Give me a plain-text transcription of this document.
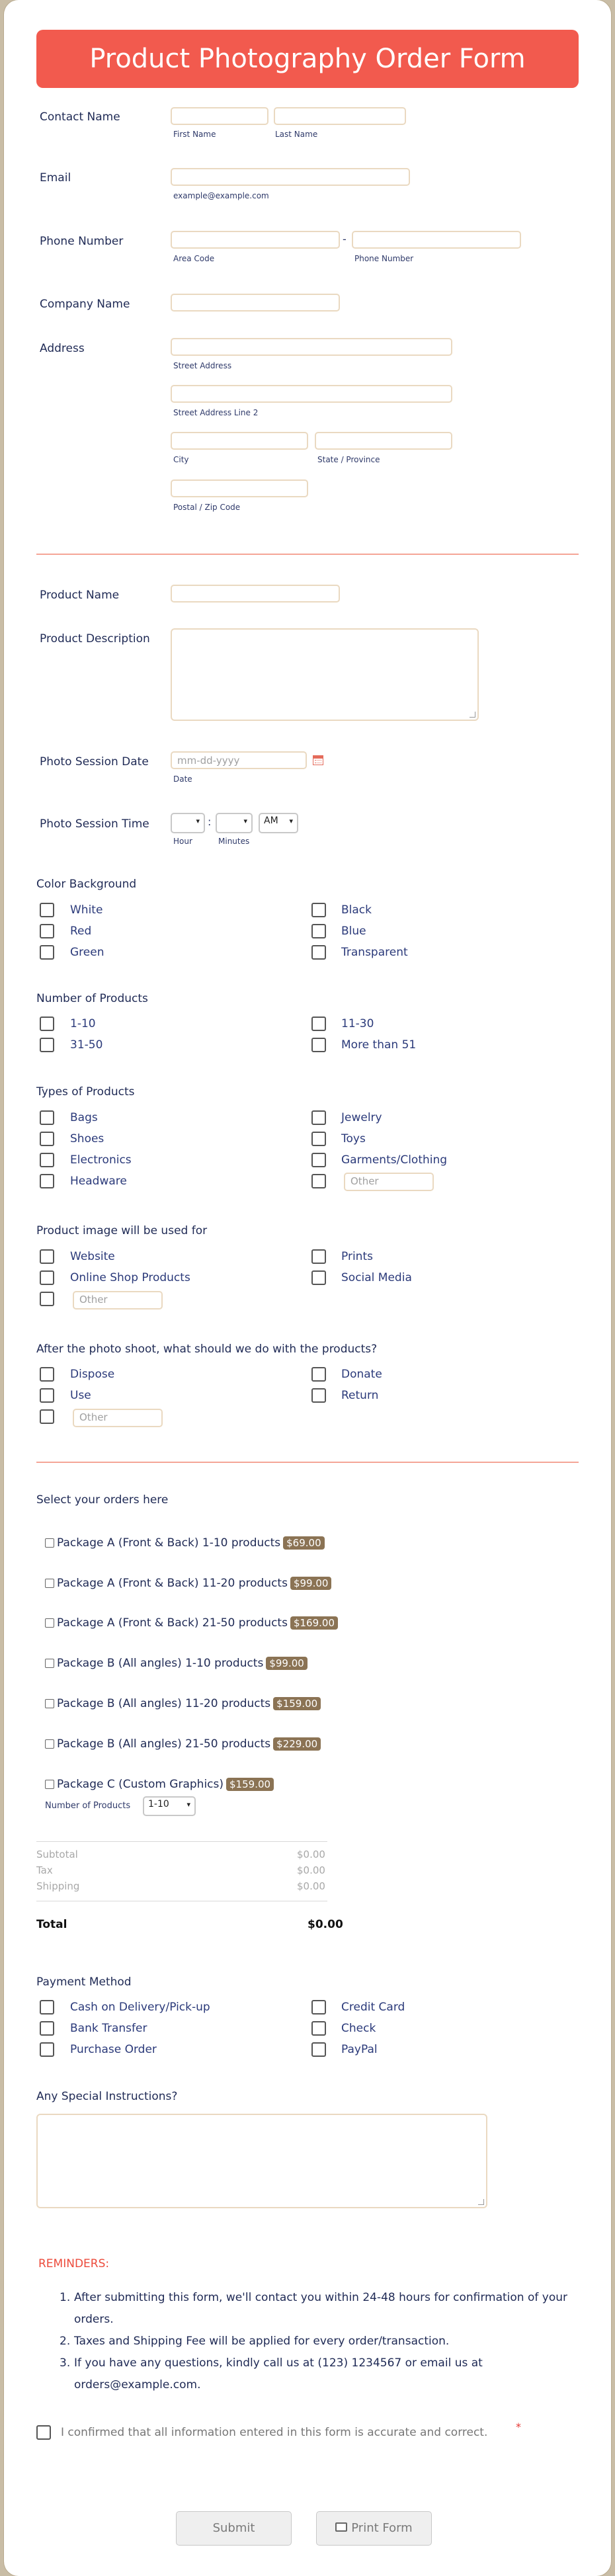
Product Photography Order Form
Contact Name
First Name	Last Name
Email
example@example.com
Phone Number	-
Area Code	Phone Number
Company Name
Address
Street Address
Street Address Line 2
City	State / Province
Postal / Zip Code
Product Name
Product Description
Photo Session Date	mm-dd-yyyy
Date
Photo Session Time	▾ :	▾	AM ▾
Hour	Minutes
Color Background
White
Red
Green
Black
Blue
Transparent
Number of Products
1-10
31-50
11-30
More than 51
Types of Products
Bags
Shoes
Electronics
Headware
Jewelry
Toys
Garments/Clothing
Other
Product image will be used for
Website
Online Shop Products
Other
Prints
Social Media
After the photo shoot, what should we do with the products?
Dispose
Use
Other
Donate
Return
Select your orders here
Package A (Front & Back) 1-10 products $69.00
Package A (Front & Back) 11-20 products $99.00
Package A (Front & Back) 21-50 products $169.00
Package B (All angles) 1-10 products $99.00
Package B (All angles) 11-20 products $159.00
Package B (All angles) 21-50 products $229.00
Package C (Custom Graphics) $159.00
Number of Products	1-10 ▾
Subtotal	$0.00
Tax	$0.00
Shipping	$0.00
Total	$0.00
Payment Method
Cash on Delivery/Pick-up
Bank Transfer
Purchase Order
Credit Card
Check
PayPal
Any Special Instructions?
REMINDERS:
1. After submitting this form, we'll contact you within 24-48 hours for confirmation of your
orders.
2. Taxes and Shipping Fee will be applied for every order/transaction.
3. If you have any questions, kindly call us at (123) 1234567 or email us at
orders@example.com.
I confirmed that all information entered in this form is accurate and correct.	*
Submit	Print Form
